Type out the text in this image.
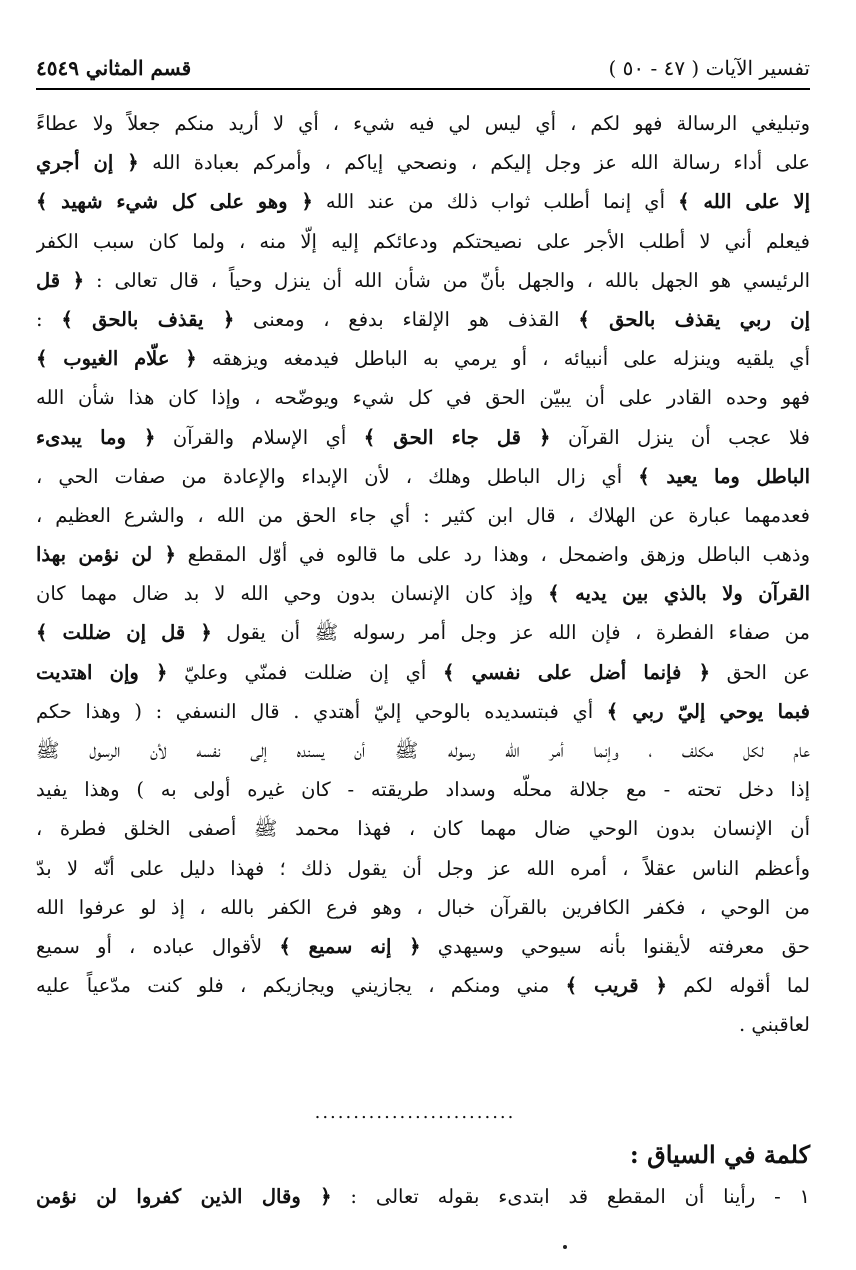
تفسير الآيات ( ٤٧ - ٥٠ )
قسم المثاني ٤٥٤٩
وتبليغي الرسالة فهو لكم ، أي ليس لي فيه شيء ، أي لا أريد منكم جعلاً ولا عطاءً
على أداء رسالة الله عز وجل إليكم ، ونصحي إياكم ، وأمركم بعبادة الله ﴿ إن أجري
إلا على الله ﴾ أي إنما أطلب ثواب ذلك من عند الله ﴿ وهو على كل شيء شهيد ﴾
فيعلم أني لا أطلب الأجر على نصيحتكم ودعائكم إليه إلّا منه ، ولما كان سبب الكفر
الرئيسي هو الجهل بالله ، والجهل بأنّ من شأن الله أن ينزل وحياً ، قال تعالى : ﴿ قل
إن ربي يقذف بالحق ﴾ القذف هو الإلقاء بدفع ، ومعنى ﴿ يقذف بالحق ﴾ :
أي يلقيه وينزله على أنبيائه ، أو يرمي به الباطل فيدمغه ويزهقه ﴿ علّام الغيوب ﴾
فهو وحده القادر على أن يبيّن الحق في كل شيء ويوضّحه ، وإذا كان هذا شأن الله
فلا عجب أن ينزل القرآن ﴿ قل جاء الحق ﴾ أي الإسلام والقرآن ﴿ وما يبدىء
الباطل وما يعيد ﴾ أي زال الباطل وهلك ، لأن الإبداء والإعادة من صفات الحي ،
فعدمهما عبارة عن الهلاك ، قال ابن كثير : أي جاء الحق من الله ، والشرع العظيم ،
وذهب الباطل وزهق واضمحل ، وهذا رد على ما قالوه في أوّل المقطع ﴿ لن نؤمن بهذا
القرآن ولا بالذي بين يديه ﴾ وإذ كان الإنسان بدون وحي الله لا بد ضال مهما كان
من صفاء الفطرة ، فإن الله عز وجل أمر رسوله ﷺ أن يقول ﴿ قل إن ضللت ﴾
عن الحق ﴿ فإنما أضل على نفسي ﴾ أي إن ضللت فمنّي وعليّ ﴿ وإن اهتديت
فبما يوحي إليّ ربي ﴾ أي فبتسديده بالوحي إليّ أهتدي . قال النسفي : ( وهذا حكم
عام لكل مكلف ، وإنما أمر الله رسوله ﷺ أن يسنده إلى نفسه لأن الرسول ﷺ
إذا دخل تحته - مع جلالة محلّه وسداد طريقته - كان غيره أولى به ) وهذا يفيد
أن الإنسان بدون الوحي ضال مهما كان ، فهذا محمد ﷺ أصفى الخلق فطرة ،
وأعظم الناس عقلاً ، أمره الله عز وجل أن يقول ذلك ؛ فهذا دليل على أنّه لا بدّ
من الوحي ، فكفر الكافرين بالقرآن خبال ، وهو فرع الكفر بالله ، إذ لو عرفوا الله
حق معرفته لأيقنوا بأنه سيوحي وسيهدي ﴿ إنه سميع ﴾ لأقوال عباده ، أو سميع
لما أقوله لكم ﴿ قريب ﴾ مني ومنكم ، يجازيني ويجازيكم ، فلو كنت مدّعياً عليه
لعاقبني .
..........................
كلمة في السياق :
١ - رأينا أن المقطع قد ابتدىء بقوله تعالى : ﴿ وقال الذين كفروا لن نؤمن
